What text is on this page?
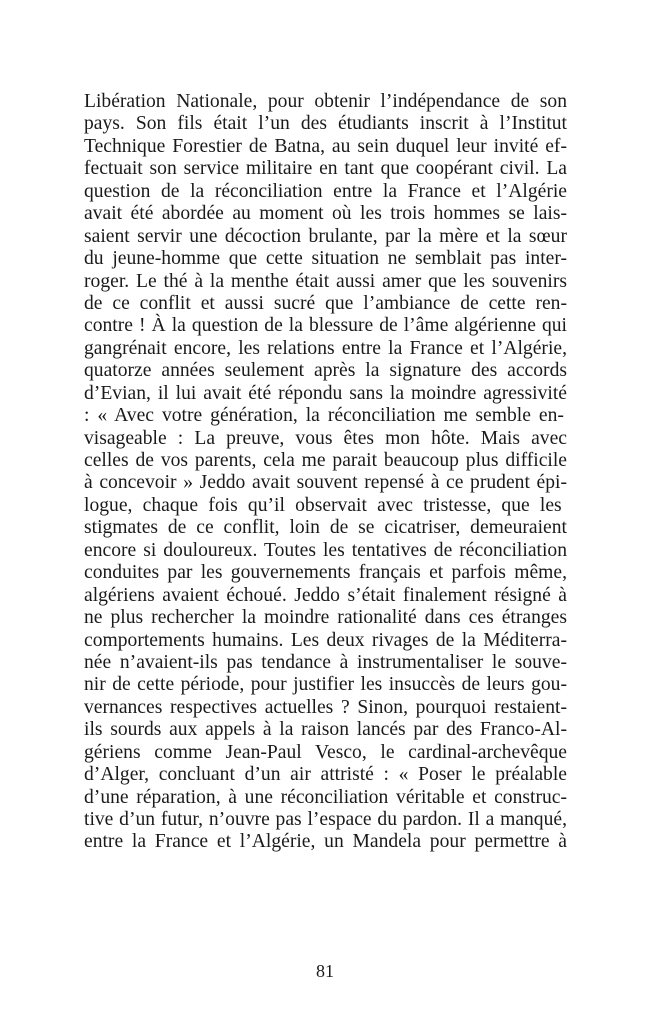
Libération Nationale, pour obtenir l’indépendance de son
pays. Son fils était l’un des étudiants inscrit à l’Institut
Technique Forestier de Batna, au sein duquel leur invité ef-
fectuait son service militaire en tant que coopérant civil. La
question de la réconciliation entre la France et l’Algérie
avait été abordée au moment où les trois hommes se lais-
saient servir une décoction brulante, par la mère et la sœur
du jeune-homme que cette situation ne semblait pas inter-
roger. Le thé à la menthe était aussi amer que les souvenirs
de ce conflit et aussi sucré que l’ambiance de cette ren-
contre ! À la question de la blessure de l’âme algérienne qui
gangrénait encore, les relations entre la France et l’Algérie,
quatorze années seulement après la signature des accords
d’Evian, il lui avait été répondu sans la moindre agressivité
: « Avec votre génération, la réconciliation me semble en-
visageable : La preuve, vous êtes mon hôte. Mais avec
celles de vos parents, cela me parait beaucoup plus difficile
à concevoir » Jeddo avait souvent repensé à ce prudent épi-
logue, chaque fois qu’il observait avec tristesse, que les
stigmates de ce conflit, loin de se cicatriser, demeuraient
encore si douloureux. Toutes les tentatives de réconciliation
conduites par les gouvernements français et parfois même,
algériens avaient échoué. Jeddo s’était finalement résigné à
ne plus rechercher la moindre rationalité dans ces étranges
comportements humains. Les deux rivages de la Méditerra-
née n’avaient-ils pas tendance à instrumentaliser le souve-
nir de cette période, pour justifier les insuccès de leurs gou-
vernances respectives actuelles ? Sinon, pourquoi restaient-
ils sourds aux appels à la raison lancés par des Franco-Al-
gériens comme Jean-Paul Vesco, le cardinal-archevêque
d’Alger, concluant d’un air attristé : « Poser le préalable
d’une réparation, à une réconciliation véritable et construc-
tive d’un futur, n’ouvre pas l’espace du pardon. Il a manqué,
entre la France et l’Algérie, un Mandela pour permettre à
81
